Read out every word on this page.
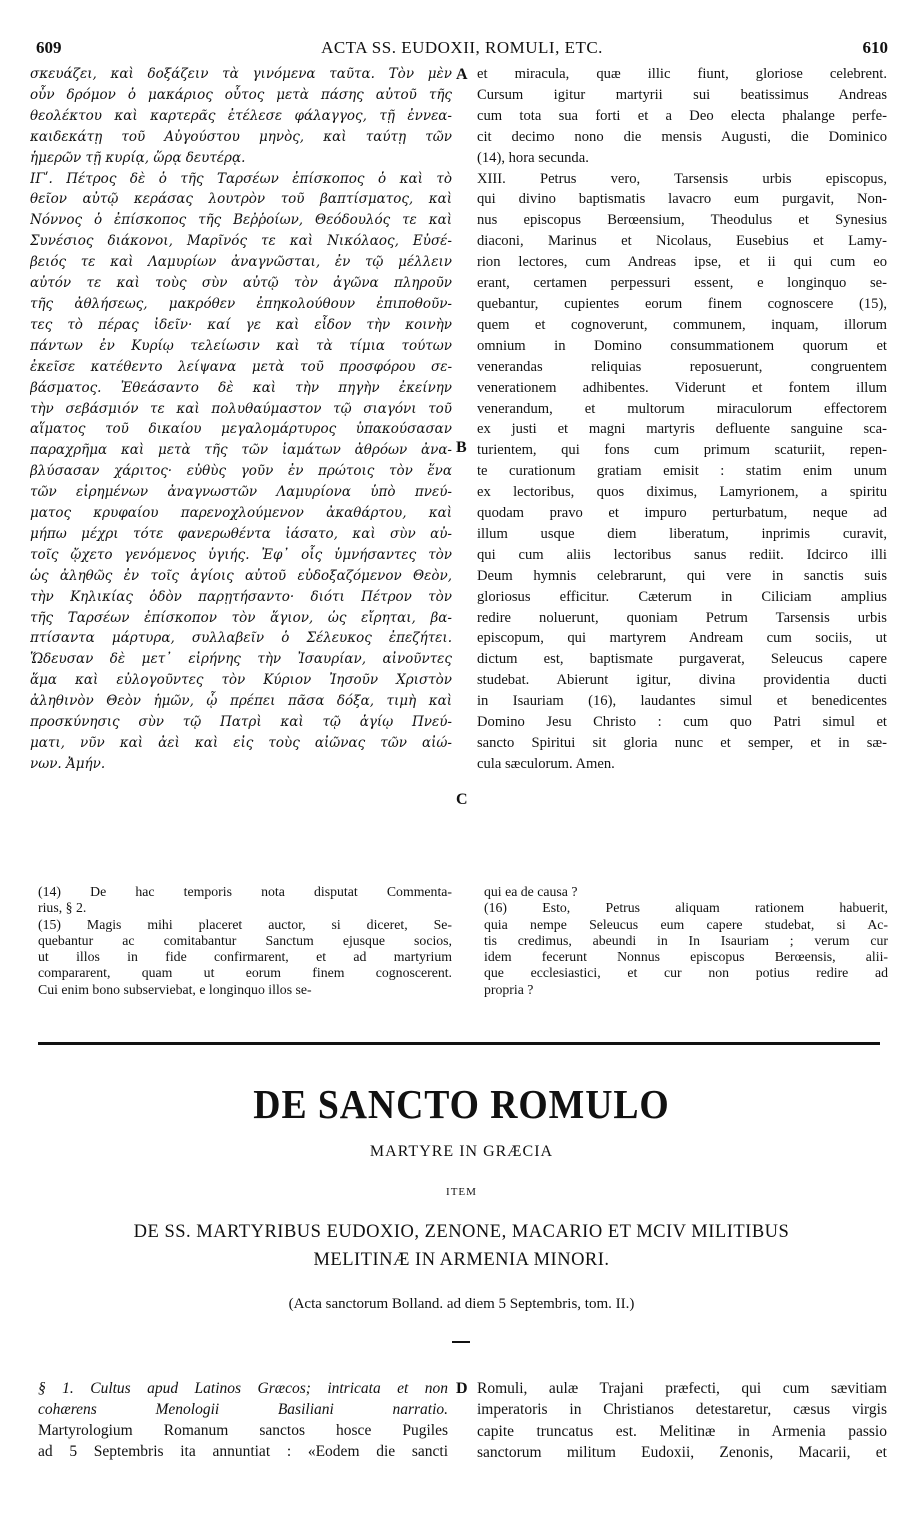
609	ACTA SS. EUDOXII, ROMULI, ETC.	610
σκευάζει, καὶ δοξάζειν τὰ γινόμενα ταῦτα. Τὸν μὲν
οὖν δρόμον ὁ μακάριος οὗτος μετὰ πάσης αὐτοῦ τῆς
θεολέκτου καὶ καρτερᾶς ἐτέλεσε φάλαγγος, τῇ ἐννεα-
καιδεκάτῃ τοῦ Αὐγούστου μηνὸς, καὶ ταύτῃ τῶν
ἡμερῶν τῇ κυρίᾳ, ὥρᾳ δευτέρᾳ.
ΙΓʹ. Πέτρος δὲ ὁ τῆς Ταρσέων ἐπίσκοπος ὁ καὶ τὸ
θεῖον αὐτῷ κεράσας λουτρὸν τοῦ βαπτίσματος, καὶ
Νόννος ὁ ἐπίσκοπος τῆς Βεῤῥοίων, Θεόδουλός τε καὶ
Συνέσιος διάκονοι, Μαρῖνός τε καὶ Νικόλαος, Εὐσέ-
βειός τε καὶ Λαμυρίων ἀναγνῶσται, ἐν τῷ μέλλειν
αὐτόν τε καὶ τοὺς σὺν αὐτῷ τὸν ἀγῶνα πληροῦν
τῆς ἀθλήσεως, μακρόθεν ἐπηκολούθουν ἐπιποθοῦν-
τες τὸ πέρας ἰδεῖν· καί γε καὶ εἶδον τὴν κοινὴν
πάντων ἐν Κυρίῳ τελείωσιν καὶ τὰ τίμια τούτων
ἐκεῖσε κατέθεντο λείψανα μετὰ τοῦ προσφόρου σε-
βάσματος. Ἐθεάσαντο δὲ καὶ τὴν πηγὴν ἐκείνην
τὴν σεβάσμιόν τε καὶ πολυθαύμαστον τῷ σιαγόνι τοῦ
αἵματος τοῦ δικαίου μεγαλομάρτυρος ὑπακούσασαν
παραχρῆμα καὶ μετὰ τῆς τῶν ἰαμάτων ἀθρόων ἀνα-
βλύσασαν χάριτος· εὐθὺς γοῦν ἐν πρώτοις τὸν ἕνα
τῶν εἰρημένων ἀναγνωστῶν Λαμυρίονα ὑπὸ πνεύ-
ματος κρυφαίου παρενοχλούμενον ἀκαθάρτου, καὶ
μήπω μέχρι τότε φανερωθέντα ἰάσατο, καὶ σὺν αὐ-
τοῖς ᾤχετο γενόμενος ὑγιής. Ἐφ᾽ οἷς ὑμνήσαντες τὸν
ὡς ἀληθῶς ἐν τοῖς ἁγίοις αὐτοῦ εὐδοξαζόμενον Θεὸν,
τὴν Κηλικίας ὁδὸν παρῃτήσαντο· διότι Πέτρον τὸν
τῆς Ταρσέων ἐπίσκοπον τὸν ἅγιον, ὡς εἴρηται, βα-
πτίσαντα μάρτυρα, συλλαβεῖν ὁ Σέλευκος ἐπεζήτει.
Ὥδευσαν δὲ μετ᾽ εἰρήνης τὴν Ἰσαυρίαν, αἰνοῦντες
ἅμα καὶ εὐλογοῦντες τὸν Κύριον Ἰησοῦν Χριστὸν
ἀληθινὸν Θεὸν ἡμῶν, ᾧ πρέπει πᾶσα δόξα, τιμὴ καὶ
προσκύνησις σὺν τῷ Πατρὶ καὶ τῷ ἁγίῳ Πνεύ-
ματι, νῦν καὶ ἀεὶ καὶ εἰς τοὺς αἰῶνας τῶν αἰώ-
νων. Ἀμήν.
et miracula, quæ illic fiunt, gloriose celebrent.
Cursum igitur martyrii sui beatissimus Andreas
cum tota sua forti et a Deo electa phalange perfe-
cit decimo nono die mensis Augusti, die Dominico
(14), hora secunda.
XIII. Petrus vero, Tarsensis urbis episcopus,
qui divino baptismatis lavacro eum purgavit, Non-
nus episcopus Berœensium, Theodulus et Synesius
diaconi, Marinus et Nicolaus, Eusebius et Lamy-
rion lectores, cum Andreas ipse, et ii qui cum eo
erant, certamen perpessuri essent, e longinquo se-
quebantur, cupientes eorum finem cognoscere (15),
quem et cognoverunt, communem, inquam, illorum
omnium in Domino consummationem quorum et
venerandas reliquias reposuerunt, congruentem
venerationem adhibentes. Viderunt et fontem illum
venerandum, et multorum miraculorum effectorem
ex justi et magni martyris defluente sanguine sca-
turientem, qui fons cum primum scaturiit, repen-
te curationum gratiam emisit : statim enim unum
ex lectoribus, quos diximus, Lamyrionem, a spiritu
quodam pravo et impuro perturbatum, neque ad
illum usque diem liberatum, inprimis curavit,
qui cum aliis lectoribus sanus rediit. Idcirco illi
Deum hymnis celebrarunt, qui vere in sanctis suis
gloriosus efficitur. Cæterum in Ciliciam amplius
redire noluerunt, quoniam Petrum Tarsensis urbis
episcopum, qui martyrem Andream cum sociis, ut
dictum est, baptismate purgaverat, Seleucus capere
studebat. Abierunt igitur, divina providentia ducti
in Isauriam (16), laudantes simul et benedicentes
Domino Jesu Christo : cum quo Patri simul et
sancto Spiritui sit gloria nunc et semper, et in sæ-
cula sæculorum. Amen.
A
B
C
D
(14) De hac temporis nota disputat Commenta-
rius, § 2.
(15) Magis mihi placeret auctor, si diceret, Se-
quebantur ac comitabantur Sanctum ejusque socios,
ut illos in fide confirmarent, et ad martyrium
compararent, quam ut eorum finem cognoscerent.
Cui enim bono subserviebat, e longinquo illos se-
qui ea de causa ?
(16) Esto, Petrus aliquam rationem habuerit,
quia nempe Seleucus eum capere studebat, si Ac-
tis credimus, abeundi in In Isauriam ; verum cur
idem fecerunt Nonnus episcopus Berœensis, alii-
que ecclesiastici, et cur non potius redire ad
propria ?
DE SANCTO ROMULO
MARTYRE IN GRÆCIA
ITEM
DE SS. MARTYRIBUS EUDOXIO, ZENONE, MACARIO ET MCIV MILITIBUS
MELITINÆ IN ARMENIA MINORI.
(Acta sanctorum Bolland. ad diem 5 Septembris, tom. II.)
§ 1. Cultus apud Latinos Græcos; intricata et non
cohærens Menologii Basiliani narratio.
Martyrologium Romanum sanctos hosce Pugiles
ad 5 Septembris ita annuntiat : «Eodem die sancti
Romuli, aulæ Trajani præfecti, qui cum sævitiam
imperatoris in Christianos detestaretur, cæsus virgis
capite truncatus est. Melitinæ in Armenia passio
sanctorum militum Eudoxii, Zenonis, Macarii, et
